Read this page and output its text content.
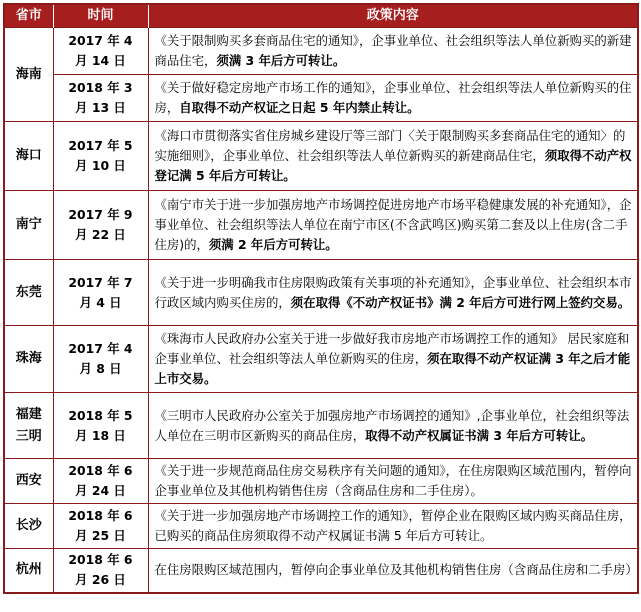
省市	时间	政策内容

海南	2017 年 4
月 14 日	《关于限制购买多套商品住宅的通知》，企事业单位、社会组织等法人单位新购买的新建商品住宅，须满 3 年后方可转让。

	2018 年 3
月 13 日	《关于做好稳定房地产市场工作的通知》，企事业单位、社会组织等法人单位新购买的住房，自取得不动产权证之日起 5 年内禁止转让。

海口	2017 年 5
月 10 日	《海口市贯彻落实省住房城乡建设厅等三部门〈关于限制购买多套商品住宅的通知〉的实施细则》，企事业单位、社会组织等法人单位新购买的新建商品住宅，须取得不动产权登记满 5 年后方可转让。

南宁	2017 年 9
月 22 日	《南宁市关于进一步加强房地产市场调控促进房地产市场平稳健康发展的补充通知》，企事业单位、社会组织等法人单位在南宁市区(不含武鸣区)购买第二套及以上住房(含二手住房)的，须满 2 年后方可转让。

东莞	2017 年 7
月 4 日	《关于进一步明确我市住房限购政策有关事项的补充通知》，企事业单位、社会组织本市行政区域内购买住房的，须在取得《不动产权证书》满 2 年后方可进行网上签约交易。

珠海	2017 年 4
月 8 日	《珠海市人民政府办公室关于进一步做好我市房地产市场调控工作的通知》 居民家庭和企事业单位、社会组织等法人单位新购买的住房，须在取得不动产权证满 3 年之后才能上市交易。

福建
三明	2018 年 5
月 18 日	《三明市人民政府办公室关于加强房地产市场调控的通知》,企事业单位，社会组织等法人单位在三明市区新购买的商品住房，取得不动产权属证书满 3 年后方可转让。

西安	2018 年 6
月 24 日	《关于进一步规范商品住房交易秩序有关问题的通知》，在住房限购区域范围内，暂停向企事业单位及其他机构销售住房（含商品住房和二手住房）。

长沙	2018 年 6
月 25 日	《关于进一步加强房地产市场调控工作的通知》，暂停企业在限购区域内购买商品住房，已购买的商品住房须取得不动产权属证书满 5 年后方可转让。

杭州	2018 年 6
月 26 日	在住房限购区域范围内，暂停向企事业单位及其他机构销售住房（含商品住房和二手房）
